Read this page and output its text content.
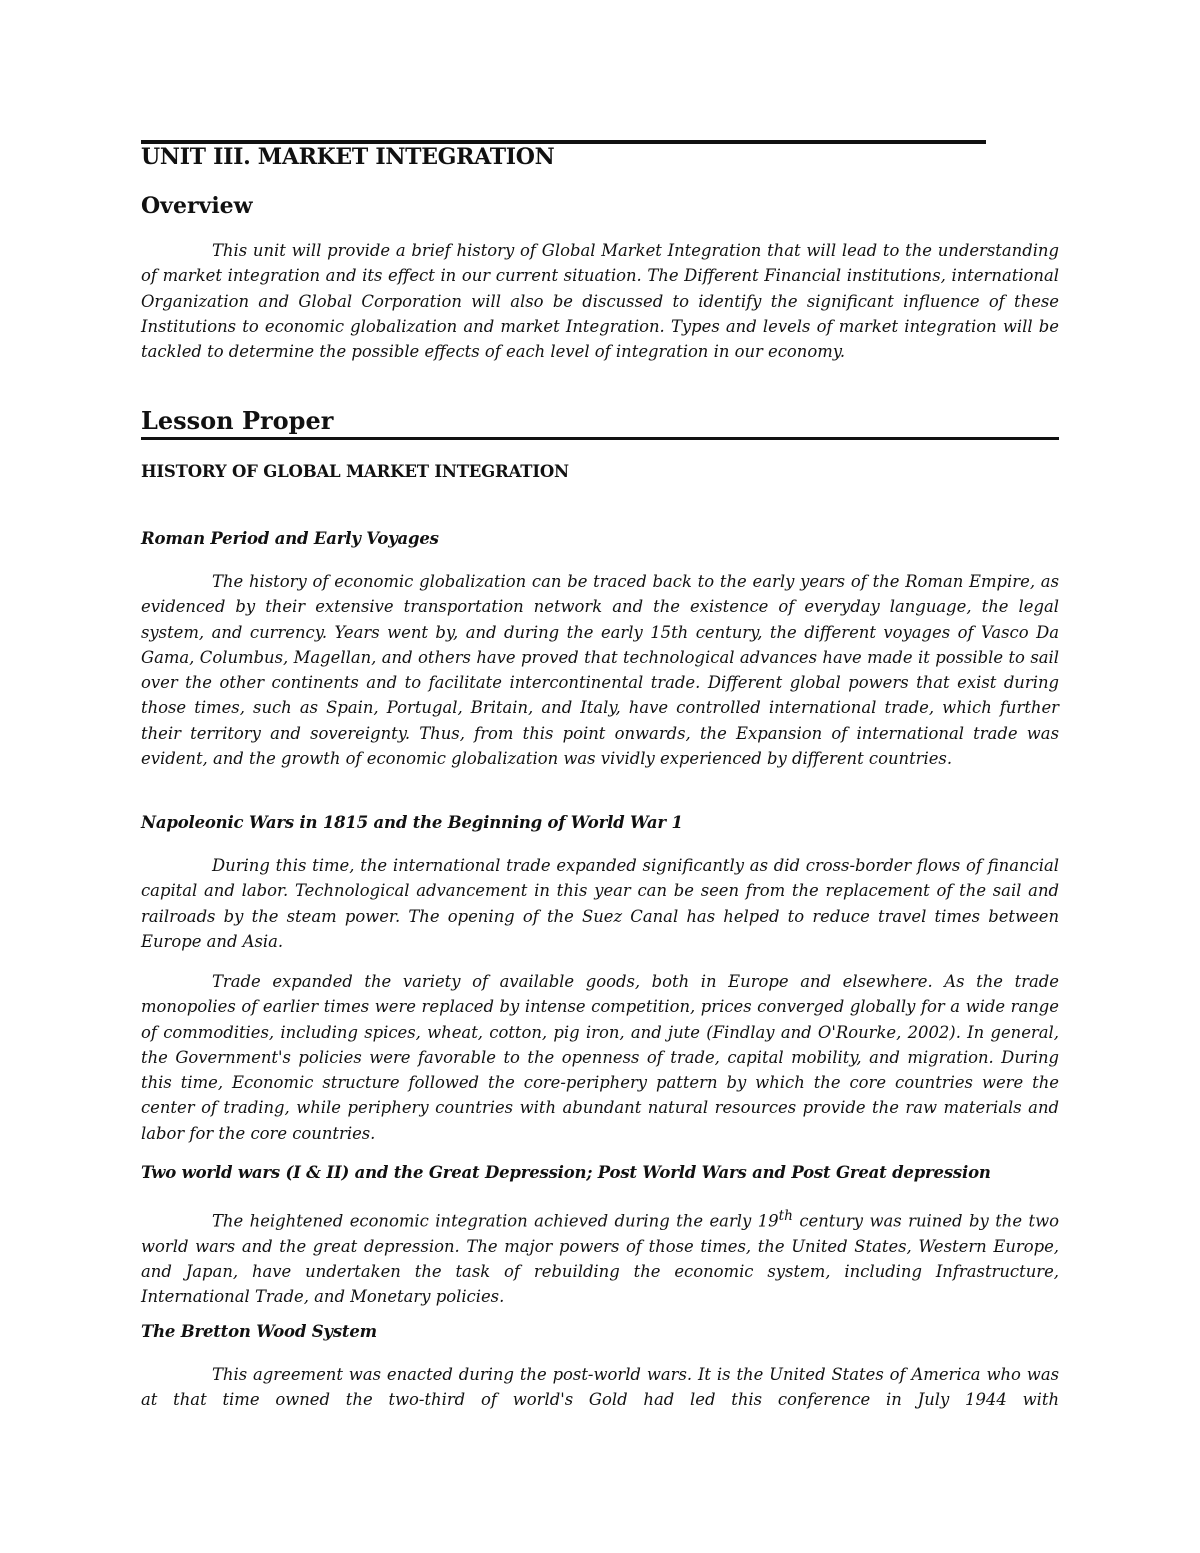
UNIT III. MARKET INTEGRATION
Overview

This unit will provide a brief history of Global Market Integration that will lead to the understanding of market integration and its effect in our current situation. The Different Financial institutions, international Organization and Global Corporation will also be discussed to identify the significant influence of these Institutions to economic globalization and market Integration. Types and levels of market integration will be tackled to determine the possible effects of each level of integration in our economy.

Lesson Proper
HISTORY OF GLOBAL MARKET INTEGRATION
Roman Period and Early Voyages

The history of economic globalization can be traced back to the early years of the Roman Empire, as evidenced by their extensive transportation network and the existence of everyday language, the legal system, and currency. Years went by, and during the early 15th century, the different voyages of Vasco Da Gama, Columbus, Magellan, and others have proved that technological advances have made it possible to sail over the other continents and to facilitate intercontinental trade. Different global powers that exist during those times, such as Spain, Portugal, Britain, and Italy, have controlled international trade, which further their territory and sovereignty. Thus, from this point onwards, the Expansion of international trade was evident, and the growth of economic globalization was vividly experienced by different countries.

Napoleonic Wars in 1815 and the Beginning of World War 1

During this time, the international trade expanded significantly as did cross-border flows of financial capital and labor. Technological advancement in this year can be seen from the replacement of the sail and railroads by the steam power. The opening of the Suez Canal has helped to reduce travel times between Europe and Asia.

Trade expanded the variety of available goods, both in Europe and elsewhere. As the trade monopolies of earlier times were replaced by intense competition, prices converged globally for a wide range of commodities, including spices, wheat, cotton, pig iron, and jute (Findlay and O'Rourke, 2002). In general, the Government's policies were favorable to the openness of trade, capital mobility, and migration. During this time, Economic structure followed the core-periphery pattern by which the core countries were the center of trading, while periphery countries with abundant natural resources provide the raw materials and labor for the core countries.

Two world wars (I & II) and the Great Depression; Post World Wars and Post Great depression

The heightened economic integration achieved during the early 19th century was ruined by the two world wars and the great depression. The major powers of those times, the United States, Western Europe, and Japan, have undertaken the task of rebuilding the economic system, including Infrastructure, International Trade, and Monetary policies.

The Bretton Wood System

This agreement was enacted during the post-world wars. It is the United States of America who was at that time owned the two-third of world's Gold had led this conference in July 1944 with
